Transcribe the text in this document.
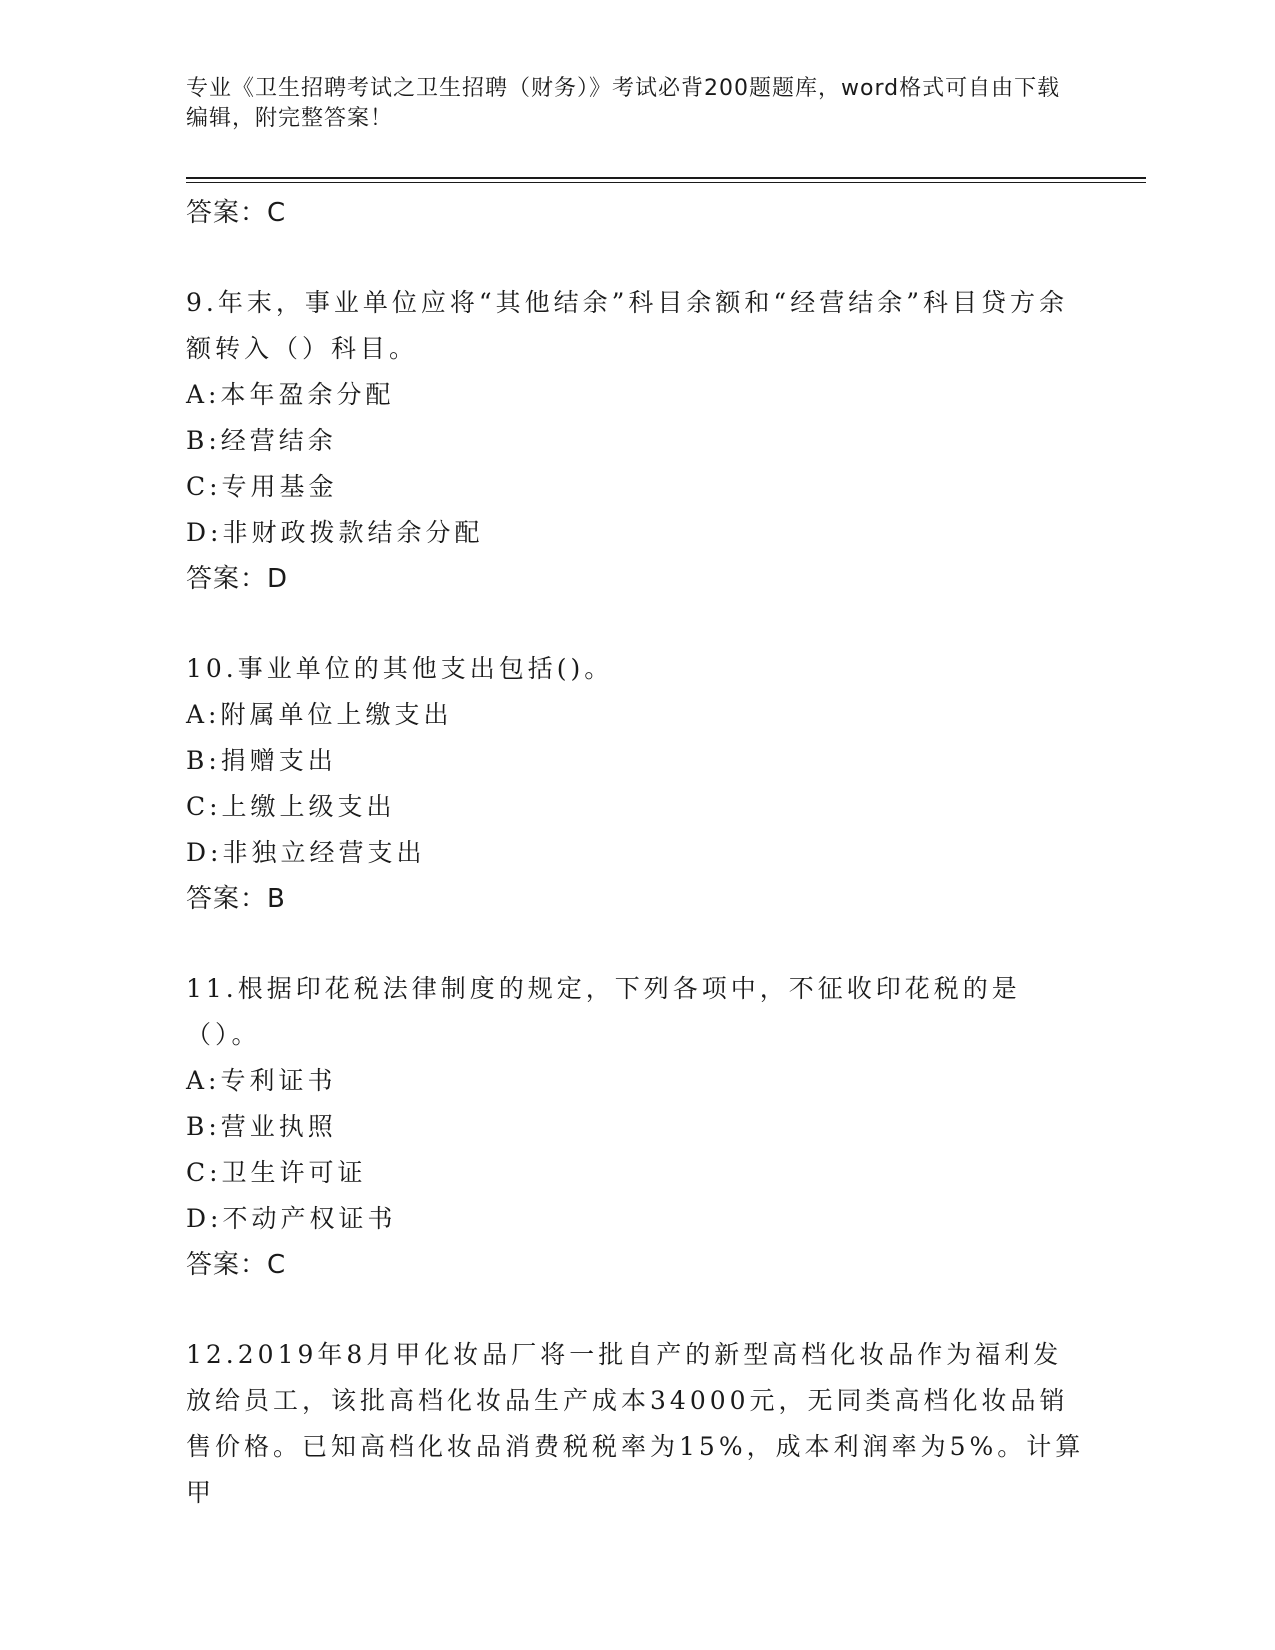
专业《卫生招聘考试之卫生招聘（财务）》考试必背200题题库，word格式可自由下载编辑，附完整答案！
答案：C
9.年末，事业单位应将“其他结余”科目余额和“经营结余”科目贷方余额转入（）科目。
A:本年盈余分配
B:经营结余
C:专用基金
D:非财政拨款结余分配
答案：D
10.事业单位的其他支出包括()。
A:附属单位上缴支出
B:捐赠支出
C:上缴上级支出
D:非独立经营支出
答案：B
11.根据印花税法律制度的规定，下列各项中，不征收印花税的是（）。
A:专利证书
B:营业执照
C:卫生许可证
D:不动产权证书
答案：C
12.2019年8月甲化妆品厂将一批自产的新型高档化妆品作为福利发放给员工，该批高档化妆品生产成本34000元，无同类高档化妆品销售价格。已知高档化妆品消费税税率为15%，成本利润率为5%。计算甲
